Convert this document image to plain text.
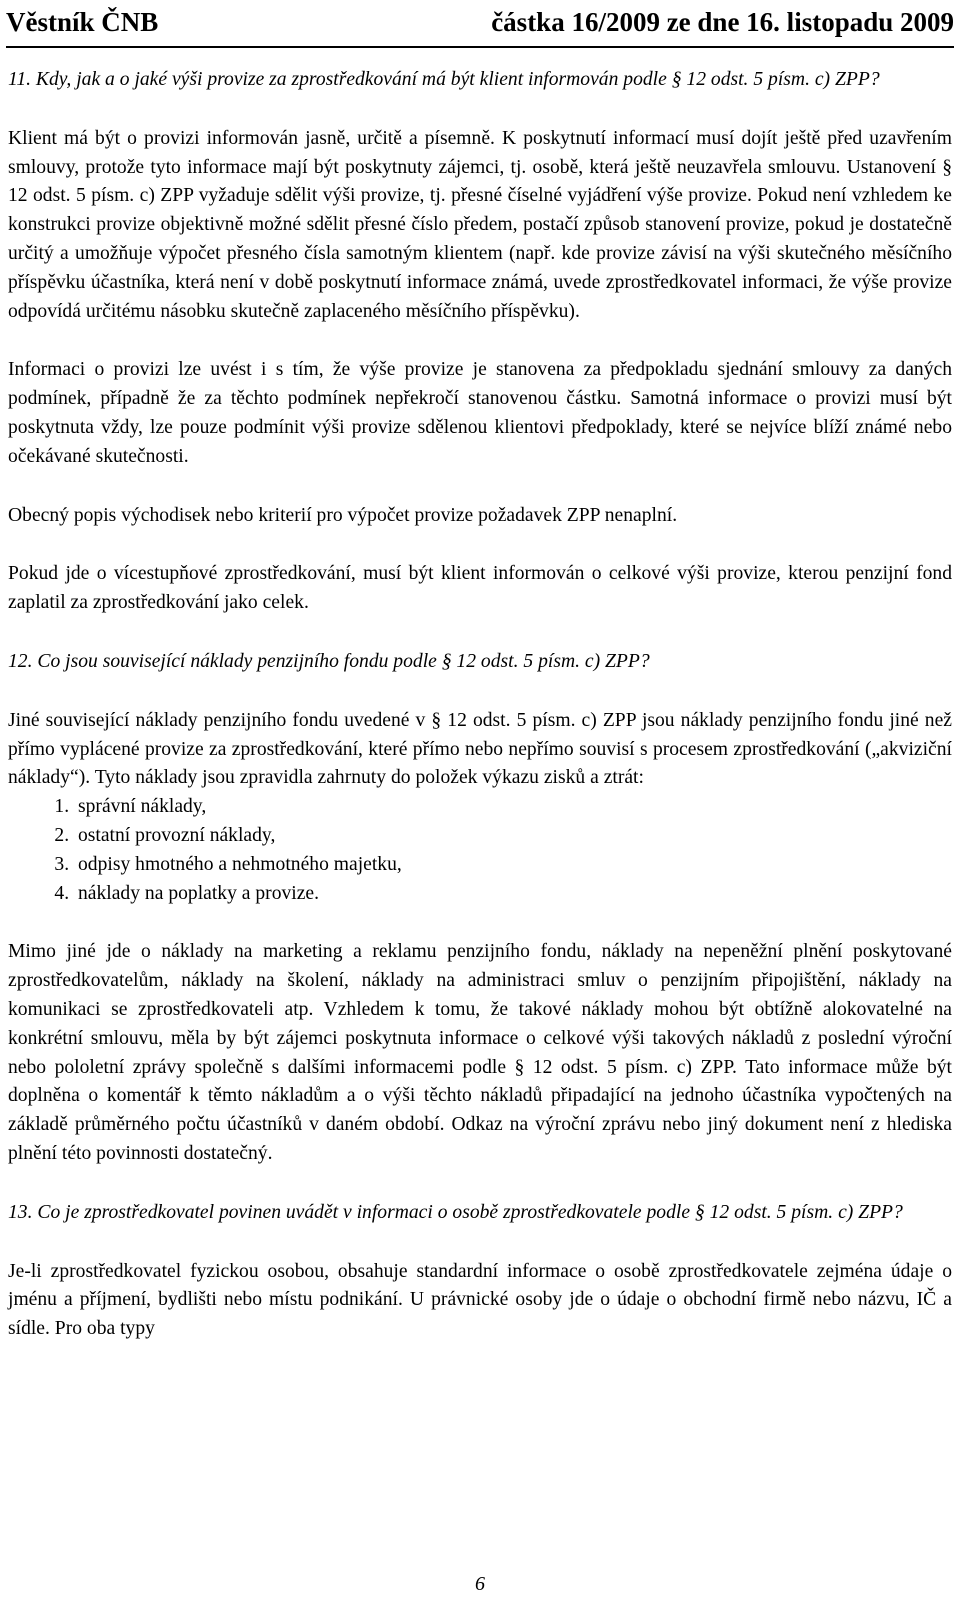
Věstník ČNB	částka 16/2009 ze dne 16. listopadu 2009

11. Kdy, jak a o jaké výši provize za zprostředkování má být klient informován podle § 12 odst. 5 písm. c) ZPP?

Klient má být o provizi informován jasně, určitě a písemně. K poskytnutí informací musí dojít ještě před uzavřením smlouvy, protože tyto informace mají být poskytnuty zájemci, tj. osobě, která ještě neuzavřela smlouvu. Ustanovení § 12 odst. 5 písm. c) ZPP vyžaduje sdělit výši provize, tj. přesné číselné vyjádření výše provize. Pokud není vzhledem ke konstrukci provize objektivně možné sdělit přesné číslo předem, postačí způsob stanovení provize, pokud je dostatečně určitý a umožňuje výpočet přesného čísla samotným klientem (např. kde provize závisí na výši skutečného měsíčního příspěvku účastníka, která není v době poskytnutí informace známá, uvede zprostředkovatel informaci, že výše provize odpovídá určitému násobku skutečně zaplaceného měsíčního příspěvku).

Informaci o provizi lze uvést i s tím, že výše provize je stanovena za předpokladu sjednání smlouvy za daných podmínek, případně že za těchto podmínek nepřekročí stanovenou částku. Samotná informace o provizi musí být poskytnuta vždy, lze pouze podmínit výši provize sdělenou klientovi předpoklady, které se nejvíce blíží známé nebo očekávané skutečnosti.

Obecný popis východisek nebo kriterií pro výpočet provize požadavek ZPP nenaplní.

Pokud jde o vícestupňové zprostředkování, musí být klient informován o celkové výši provize, kterou penzijní fond zaplatil za zprostředkování jako celek.

12. Co jsou související náklady penzijního fondu podle § 12 odst. 5 písm. c) ZPP?

Jiné související náklady penzijního fondu uvedené v § 12 odst. 5 písm. c) ZPP jsou náklady penzijního fondu jiné než přímo vyplácené provize za zprostředkování, které přímo nebo nepřímo souvisí s procesem zprostředkování („akviziční náklady“). Tyto náklady jsou zpravidla zahrnuty do položek výkazu zisků a ztrát:

1. správní náklady,
2. ostatní provozní náklady,
3. odpisy hmotného a nehmotného majetku,
4. náklady na poplatky a provize.

Mimo jiné jde o náklady na marketing a reklamu penzijního fondu, náklady na nepeněžní plnění poskytované zprostředkovatelům, náklady na školení, náklady na administraci smluv o penzijním připojištění, náklady na komunikaci se zprostředkovateli atp. Vzhledem k tomu, že takové náklady mohou být obtížně alokovatelné na konkrétní smlouvu, měla by být zájemci poskytnuta informace o celkové výši takových nákladů z poslední výroční nebo pololetní zprávy společně s dalšími informacemi podle § 12 odst. 5 písm. c) ZPP. Tato informace může být doplněna o komentář k těmto nákladům a o výši těchto nákladů připadající na jednoho účastníka vypočtených na základě průměrného počtu účastníků v daném období. Odkaz na výroční zprávu nebo jiný dokument není z hlediska plnění této povinnosti dostatečný.

13. Co je zprostředkovatel povinen uvádět v informaci o osobě zprostředkovatele podle § 12 odst. 5 písm. c) ZPP?

Je-li zprostředkovatel fyzickou osobou, obsahuje standardní informace o osobě zprostředkovatele zejména údaje o jménu a příjmení, bydlišti nebo místu podnikání. U právnické osoby jde o údaje o obchodní firmě nebo názvu, IČ a sídle. Pro oba typy

6
